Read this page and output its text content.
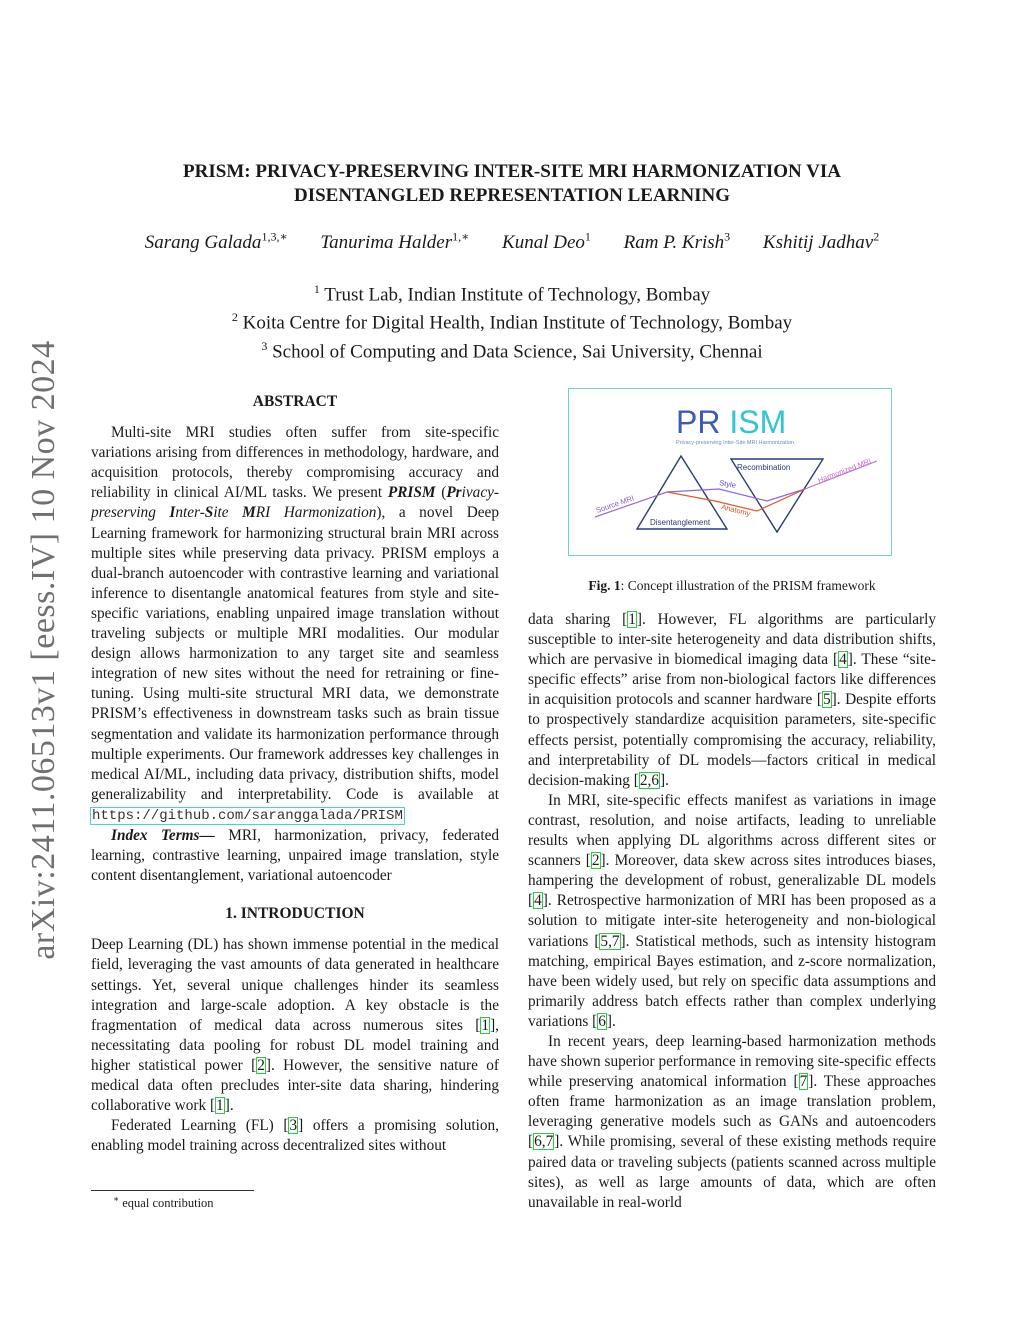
arXiv:2411.06513v1 [eess.IV] 10 Nov 2024
PRISM: PRIVACY-PRESERVING INTER-SITE MRI HARMONIZATION VIA
DISENTANGLED REPRESENTATION LEARNING
Sarang Galada$^{1,3,∗}$ Tanurima Halder$^{1,∗}$ Kunal Deo$^1$ Ram P. Krish$^3$ Kshitij Jadhav$^2$
$^1$ Trust Lab, Indian Institute of Technology, Bombay
$^2$ Koita Centre for Digital Health, Indian Institute of Technology, Bombay
$^3$ School of Computing and Data Science, Sai University, Chennai
ABSTRACT

Multi-site MRI studies often suffer from site-specific variations arising from differences in methodology, hardware, and acquisition protocols, thereby compromising accuracy and reliability in clinical AI/ML tasks. We present PRISM (Privacy-preserving Inter-Site MRI Harmonization), a novel Deep Learning framework for harmonizing structural brain MRI across multiple sites while preserving data privacy. PRISM employs a dual-branch autoencoder with contrastive learning and variational inference to disentangle anatomical features from style and site-specific variations, enabling unpaired image translation without traveling subjects or multiple MRI modalities. Our modular design allows harmonization to any target site and seamless integration of new sites without the need for retraining or fine-tuning. Using multi-site structural MRI data, we demonstrate PRISM’s effectiveness in downstream tasks such as brain tissue segmentation and validate its harmonization performance through multiple experiments. Our framework addresses key challenges in medical AI/ML, including data privacy, distribution shifts, model generalizability and interpretability. Code is available at https://github.com/saranggalada/PRISM

Index Terms— MRI, harmonization, privacy, federated learning, contrastive learning, unpaired image translation, style content disentanglement, variational autoencoder

1. INTRODUCTION

Deep Learning (DL) has shown immense potential in the medical field, leveraging the vast amounts of data generated in healthcare settings. Yet, several unique challenges hinder its seamless integration and large-scale adoption. A key obstacle is the fragmentation of medical data across numerous sites [1], necessitating data pooling for robust DL model training and higher statistical power [2]. However, the sensitive nature of medical data often precludes inter-site data sharing, hindering collaborative work [1].

Federated Learning (FL) [3] offers a promising solution, enabling model training across decentralized sites without

∗ equal contribution
PR ISM
Privacy-preserving Inter-Site MRI Harmonization
Source MRI
Harmonized MRI
Style
Anatomy
Recombination
Disentanglement
Fig. 1: Concept illustration of the PRISM framework

data sharing [1]. However, FL algorithms are particularly susceptible to inter-site heterogeneity and data distribution shifts, which are pervasive in biomedical imaging data [4]. These “site-specific effects” arise from non-biological factors like differences in acquisition protocols and scanner hardware [5]. Despite efforts to prospectively standardize acquisition parameters, site-specific effects persist, potentially compromising the accuracy, reliability, and interpretability of DL models—factors critical in medical decision-making [2,6].

In MRI, site-specific effects manifest as variations in image contrast, resolution, and noise artifacts, leading to unreliable results when applying DL algorithms across different sites or scanners [2]. Moreover, data skew across sites introduces biases, hampering the development of robust, generalizable DL models [4]. Retrospective harmonization of MRI has been proposed as a solution to mitigate inter-site heterogeneity and non-biological variations [5,7]. Statistical methods, such as intensity histogram matching, empirical Bayes estimation, and z-score normalization, have been widely used, but rely on specific data assumptions and primarily address batch effects rather than complex underlying variations [6].

In recent years, deep learning-based harmonization methods have shown superior performance in removing site-specific effects while preserving anatomical information [7]. These approaches often frame harmonization as an image translation problem, leveraging generative models such as GANs and autoencoders [6,7]. While promising, several of these existing methods require paired data or traveling subjects (patients scanned across multiple sites), as well as large amounts of data, which are often unavailable in real-world
